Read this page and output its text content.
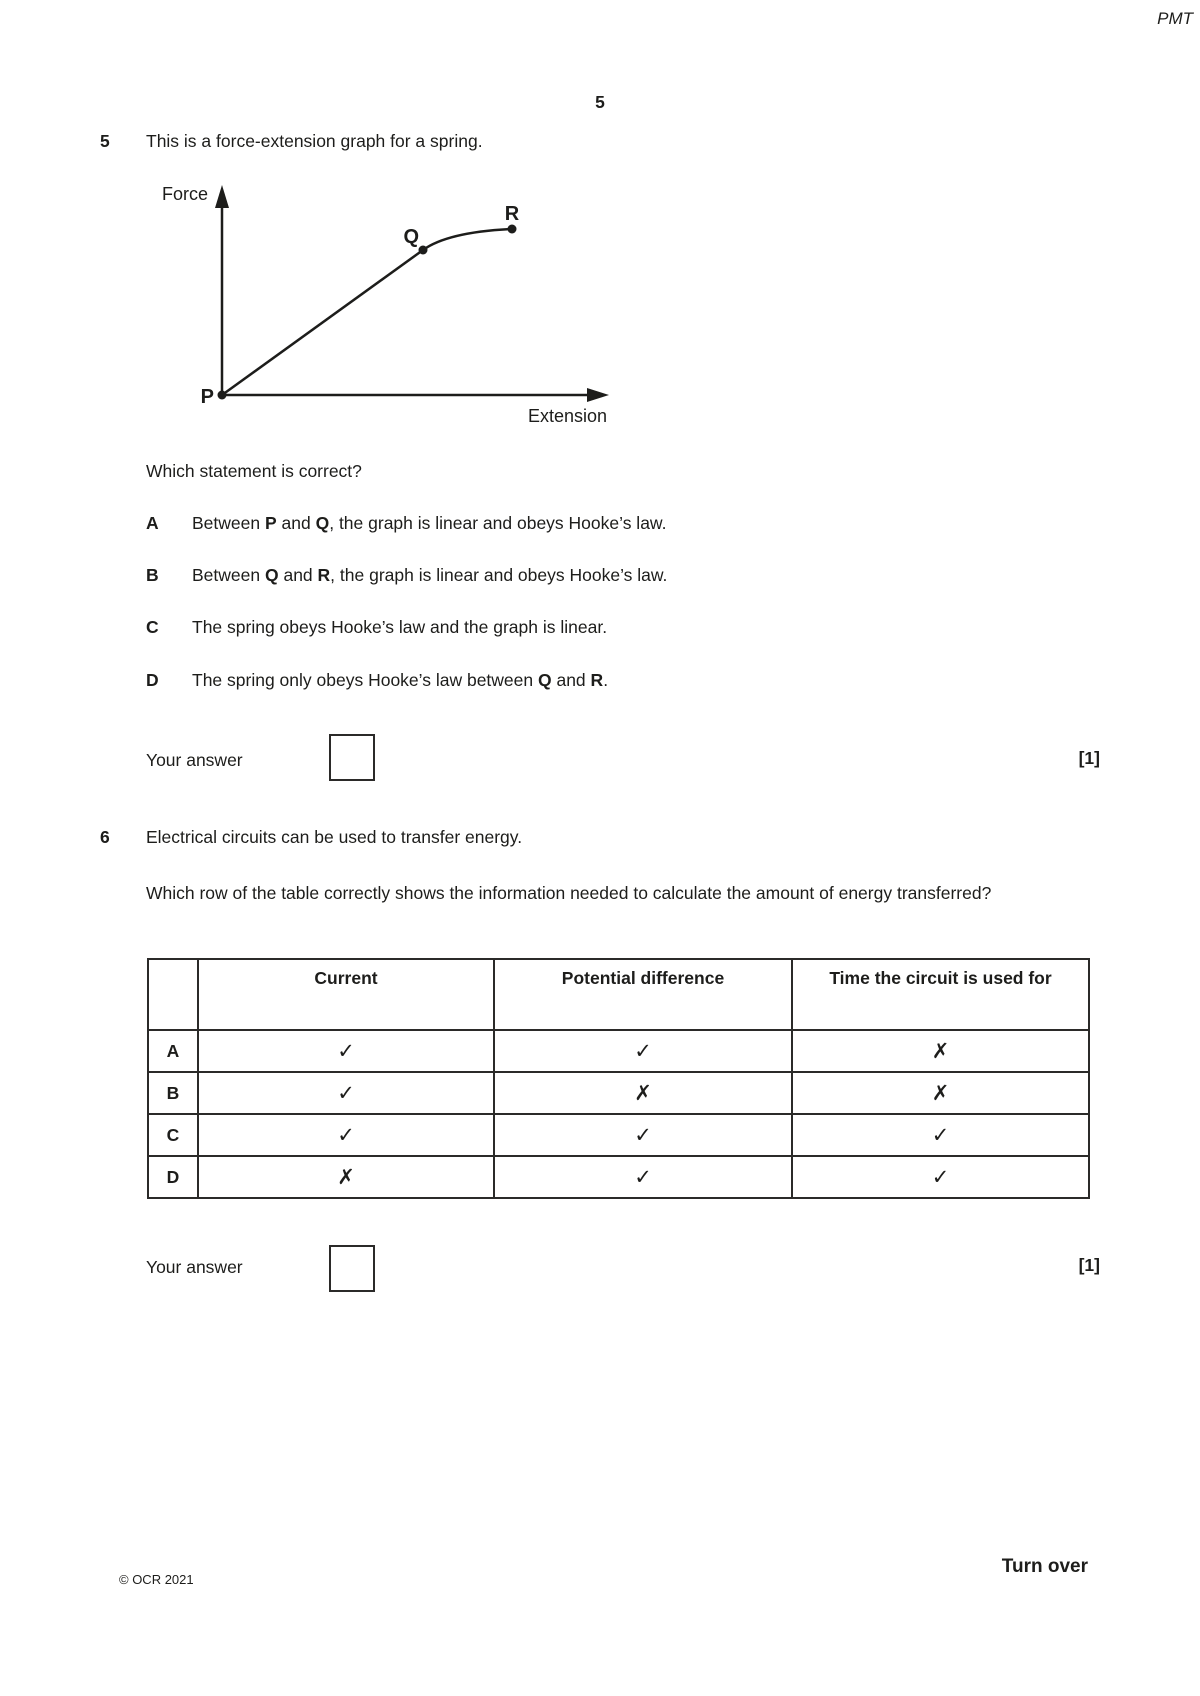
PMT
5
5 This is a force-extension graph for a spring.
Force
Extension
P
Q
R
Which statement is correct?
A Between P and Q, the graph is linear and obeys Hooke’s law.
B Between Q and R, the graph is linear and obeys Hooke’s law.
C The spring obeys Hooke’s law and the graph is linear.
D The spring only obeys Hooke’s law between Q and R.
Your answer	[1]
6 Electrical circuits can be used to transfer energy.
Which row of the table correctly shows the information needed to calculate the amount of energy transferred?
	Current	Potential difference	Time the circuit is used for
A	✓	✓	✗
B	✓	✗	✗
C	✓	✓	✓
D	✗	✓	✓
Your answer	[1]
© OCR 2021
Turn over
